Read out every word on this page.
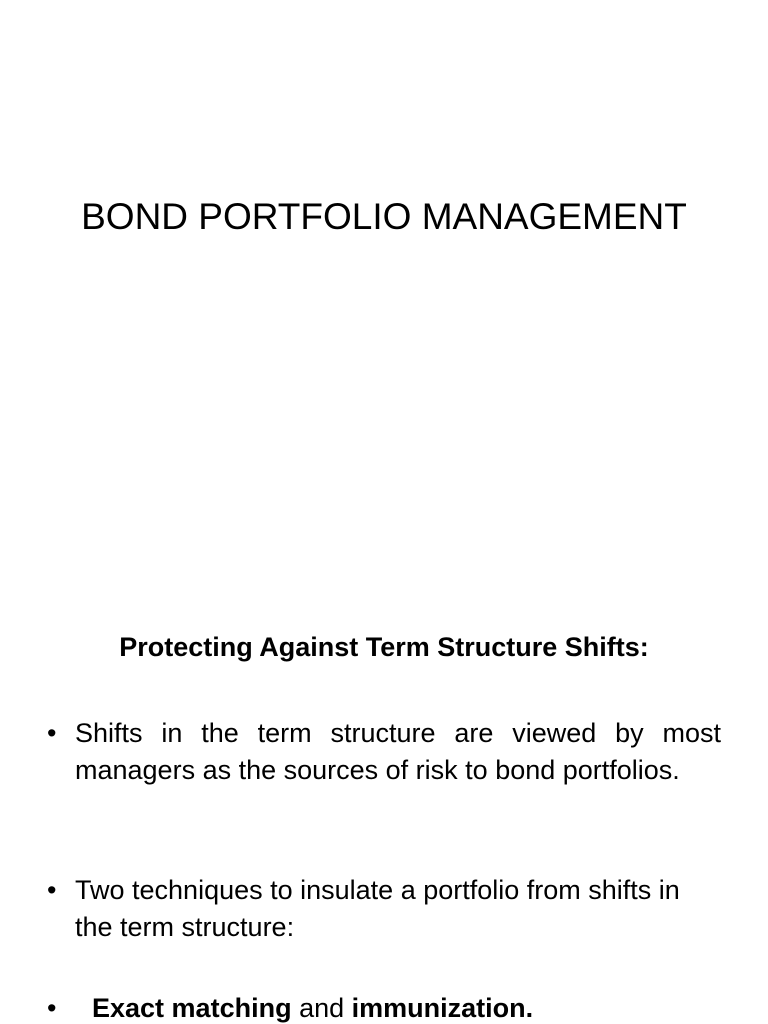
BOND PORTFOLIO MANAGEMENT
Protecting Against Term Structure Shifts:
• Shifts in the term structure are viewed by most managers as the sources of risk to bond portfolios.
• Two techniques to insulate a portfolio from shifts in the term structure:
•	Exact matching and immunization.
